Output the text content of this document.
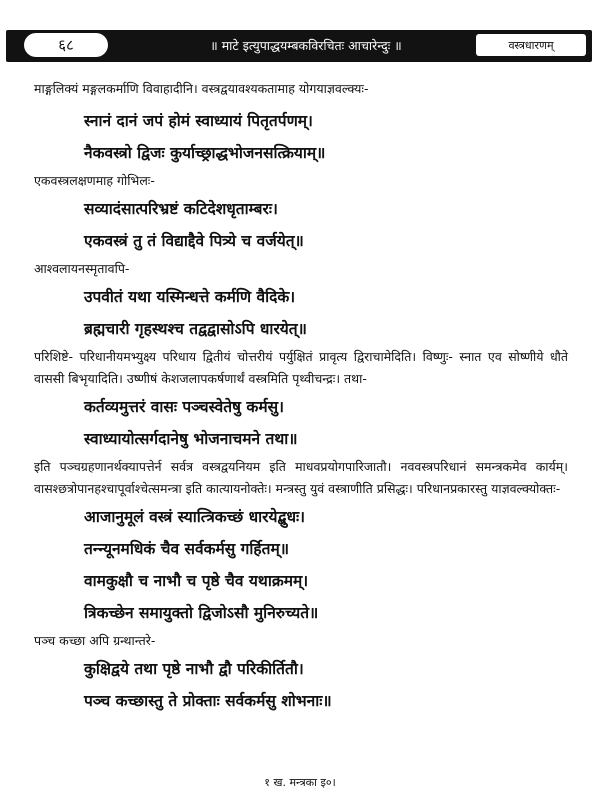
६८	॥ माटे इत्युपाद्धयम्बकविरचितः आचारेन्दुः ॥	वस्त्रधारणम्

माङ्गलिक्यं मङ्गलकर्माणि विवाहादीनि। वस्त्रद्वयावश्यकतामाह योगयाज्ञवल्क्यः-

स्नानं दानं जपं होमं स्वाध्यायं पितृतर्पणम्।

नैकवस्त्रो द्विजः कुर्याच्छ्राद्धभोजनसत्क्रियाम्॥

एकवस्त्रलक्षणमाह गोभिलः-

सव्यादंसात्परिभ्रष्टं कटिदेशधृताम्बरः।

एकवस्त्रं तु तं विद्याद्दैवे पित्र्ये च वर्जयेत्॥

आश्वलायनस्मृतावपि-

उपवीतं यथा यस्मिन्धत्ते कर्मणि वैदिके।

ब्रह्मचारी गृहस्थश्च तद्वद्वासोऽपि धारयेत्॥

परिशिष्टे- परिधानीयमभ्युक्ष्य परिधाय द्वितीयं चोत्तरीयं पर्युक्षितं प्रावृत्य द्विराचामेदिति। विष्णुः- स्नात एव सोष्णीये धौते वाससी बिभृयादिति। उष्णीषं केशजलापकर्षणार्थं वस्त्रमिति पृथ्वीचन्द्रः। तथा-

कर्तव्यमुत्तरं वासः पञ्चस्वेतेषु कर्मसु।

स्वाध्यायोत्सर्गदानेषु भोजनाचमने तथा॥

इति पञ्चग्रहणानर्थक्यापत्तेर्न सर्वत्र वस्त्रद्वयनियम इति माधवप्रयोगपारिजातौ। नववस्त्रपरिधानं समन्त्रकमेव कार्यम्। वासश्छत्रोपानहश्चापूर्वाश्चेत्समन्त्रा इति कात्यायनोक्तेः। मन्त्रस्तु युवं वस्त्राणीति प्रसिद्धः। परिधानप्रकारस्तु याज्ञवल्क्योक्तः-

आजानुमूलं वस्त्रं स्यात्त्रिकच्छं धारयेद्बुधः।

तन्न्यूनमधिकं चैव सर्वकर्मसु गर्हितम्॥

वामकुक्षौ च नाभौ च पृष्ठे चैव यथाक्रमम्।

त्रिकच्छेन समायुक्तो द्विजोऽसौ मुनिरुच्यते॥

पञ्च कच्छा अपि ग्रन्थान्तरे-

कुक्षिद्वये तथा पृष्ठे नाभौ द्वौ परिकीर्तितौ।

पञ्च कच्छास्तु ते प्रोक्ताः सर्वकर्मसु शोभनाः॥

१ ख. मन्त्रका इ०।
